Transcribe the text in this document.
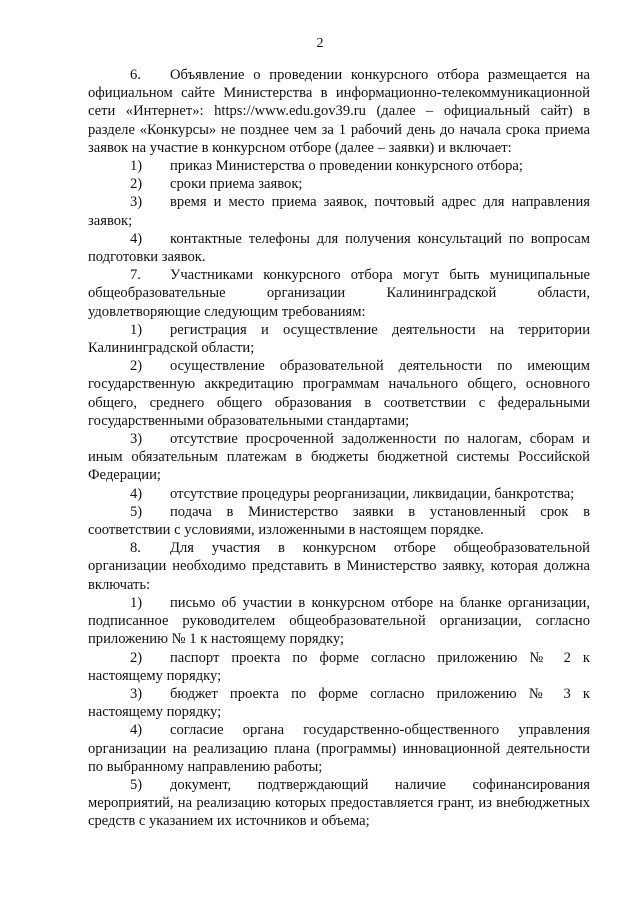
2

6. Объявление о проведении конкурсного отбора размещается на официальном сайте Министерства в информационно-телекоммуникационной сети «Интернет»: https://www.edu.gov39.ru (далее – официальный сайт) в разделе «Конкурсы» не позднее чем за 1 рабочий день до начала срока приема заявок на участие в конкурсном отборе (далее – заявки) и включает:

1) приказ Министерства о проведении конкурсного отбора;

2) сроки приема заявок;

3) время и место приема заявок, почтовый адрес для направления заявок;

4) контактные телефоны для получения консультаций по вопросам подготовки заявок.

7. Участниками конкурсного отбора могут быть муниципальные общеобразовательные организации Калининградской области, удовлетворяющие следующим требованиям:

1) регистрация и осуществление деятельности на территории Калининградской области;

2) осуществление образовательной деятельности по имеющим государственную аккредитацию программам начального общего, основного общего, среднего общего образования в соответствии с федеральными государственными образовательными стандартами;

3) отсутствие просроченной задолженности по налогам, сборам и иным обязательным платежам в бюджеты бюджетной системы Российской Федерации;

4) отсутствие процедуры реорганизации, ликвидации, банкротства;

5) подача в Министерство заявки в установленный срок в соответствии с условиями, изложенными в настоящем порядке.

8. Для участия в конкурсном отборе общеобразовательной организации необходимо представить в Министерство заявку, которая должна включать:

1) письмо об участии в конкурсном отборе на бланке организации, подписанное руководителем общеобразовательной организации, согласно приложению № 1 к настоящему порядку;

2) паспорт проекта по форме согласно приложению № 2 к настоящему порядку;

3) бюджет проекта по форме согласно приложению № 3 к настоящему порядку;

4) согласие органа государственно-общественного управления организации на реализацию плана (программы) инновационной деятельности по выбранному направлению работы;

5) документ, подтверждающий наличие софинансирования мероприятий, на реализацию которых предоставляется грант, из внебюджетных средств с указанием их источников и объема;
